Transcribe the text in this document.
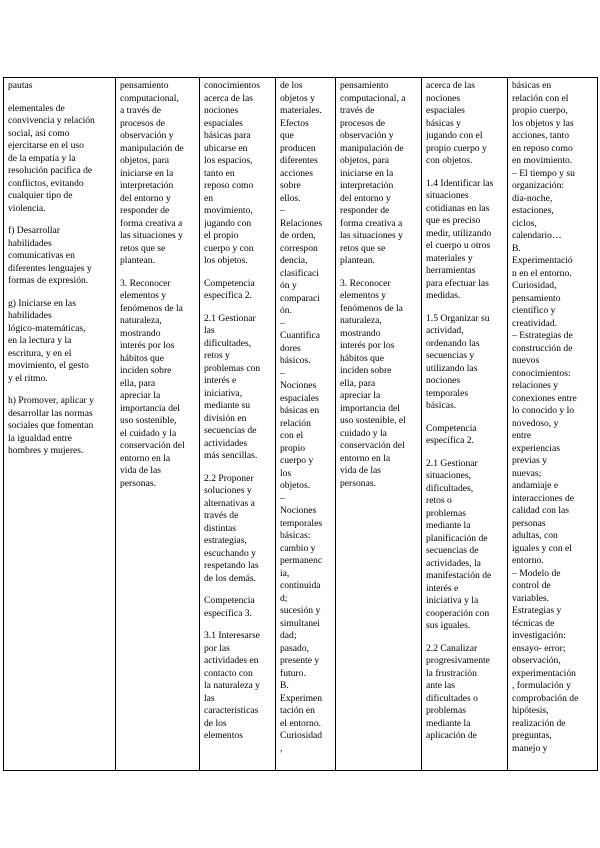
pautas
elementales de
convivencia y relación
social, así como
ejercitarse en el uso
de la empatía y la
resolución pacífica de
conflictos, evitando
cualquier tipo de
violencia.
f) Desarrollar
habilidades
comunicativas en
diferentes lenguajes y
formas de expresión.
g) Iniciarse en las
habilidades
lógico-matemáticas,
en la lectura y la
escritura, y en el
movimiento, el gesto
y el ritmo.
h) Promover, aplicar y
desarrollar las normas
sociales que fomentan
la igualdad entre
hombres y mujeres.

pensamiento
computacional,
a través de
procesos de
observación y
manipulación de
objetos, para
iniciarse en la
interpretación
del entorno y
responder de
forma creativa a
las situaciones y
retos que se
plantean.
3. Reconocer
elementos y
fenómenos de la
naturaleza,
mostrando
interés por los
hábitos que
inciden sobre
ella, para
apreciar la
importancia del
uso sostenible,
el cuidado y la
conservación del
entorno en la
vida de las
personas.

conocimientos
acerca de las
nociones
espaciales
básicas para
ubicarse en
los espacios,
tanto en
reposo como
en
movimiento,
jugando con
el propio
cuerpo y con
los objetos.
Competencia
específica 2.
2.1 Gestionar
las
dificultades,
retos y
problemas con
interés e
iniciativa,
mediante su
división en
secuencias de
actividades
más sencillas.
2.2 Proponer
soluciones y
alternativas a
través de
distintas
estrategias,
escuchando y
respetando las
de los demás.
Competencia
específica 3.
3.1 Interesarse
por las
actividades en
contacto con
la naturaleza y
las
características
de los
elementos

de los
objetos y
materiales.
Efectos
que
producen
diferentes
acciones
sobre
ellos.
–
Relaciones
de orden,
correspon
dencia,
clasificaci
ón y
comparaci
ón.
–
Cuantifica
dores
básicos.
–
Nociones
espaciales
básicas en
relación
con el
propio
cuerpo y
los
objetos.
–
Nociones
temporales
básicas:
cambio y
permanenc
ia,
continuida
d;
sucesión y
simultanei
dad;
pasado,
presente y
futuro.
B.
Experimen
tación en
el entorno.
Curiosidad
,

pensamiento
computacional, a
través de
procesos de
observación y
manipulación de
objetos, para
iniciarse en la
interpretación
del entorno y
responder de
forma creativa a
las situaciones y
retos que se
plantean.
3. Reconocer
elementos y
fenómenos de la
naturaleza,
mostrando
interés por los
hábitos que
inciden sobre
ella, para
apreciar la
importancia del
uso sostenible, el
cuidado y la
conservación del
entorno en la
vida de las
personas.

acerca de las
nociones
espaciales
básicas y
jugando con el
propio cuerpo y
con objetos.
1.4 Identificar las
situaciones
cotidianas en las
que es preciso
medir, utilizando
el cuerpo u otros
materiales y
herramientas
para efectuar las
medidas.
1.5 Organizar su
actividad,
ordenando las
secuencias y
utilizando las
nociones
temporales
básicas.
Competencia
específica 2.
2.1 Gestionar
situaciones,
dificultades,
retos o
problemas
mediante la
planificación de
secuencias de
actividades, la
manifestación de
interés e
iniciativa y la
cooperación con
sus iguales.
2.2 Canalizar
progresivamente
la frustración
ante las
dificultades o
problemas
mediante la
aplicación de

básicas en
relación con el
propio cuerpo,
los objetos y las
acciones, tanto
en reposo como
en movimiento.
– El tiempo y su
organización:
día-noche,
estaciones,
ciclos,
calendario…
B.
Experimentació
n en el entorno.
Curiosidad,
pensamiento
científico y
creatividad.
– Estrategias de
construcción de
nuevos
conocimientos:
relaciones y
conexiones entre
lo conocido y lo
novedoso, y
entre
experiencias
previas y
nuevas;
andamiaje e
interacciones de
calidad con las
personas
adultas, con
iguales y con el
entorno.
– Modelo de
control de
variables.
Estrategias y
técnicas de
investigación:
ensayo- error;
observación,
experimentación
, formulación y
comprobación de
hipótesis,
realización de
preguntas,
manejo y
